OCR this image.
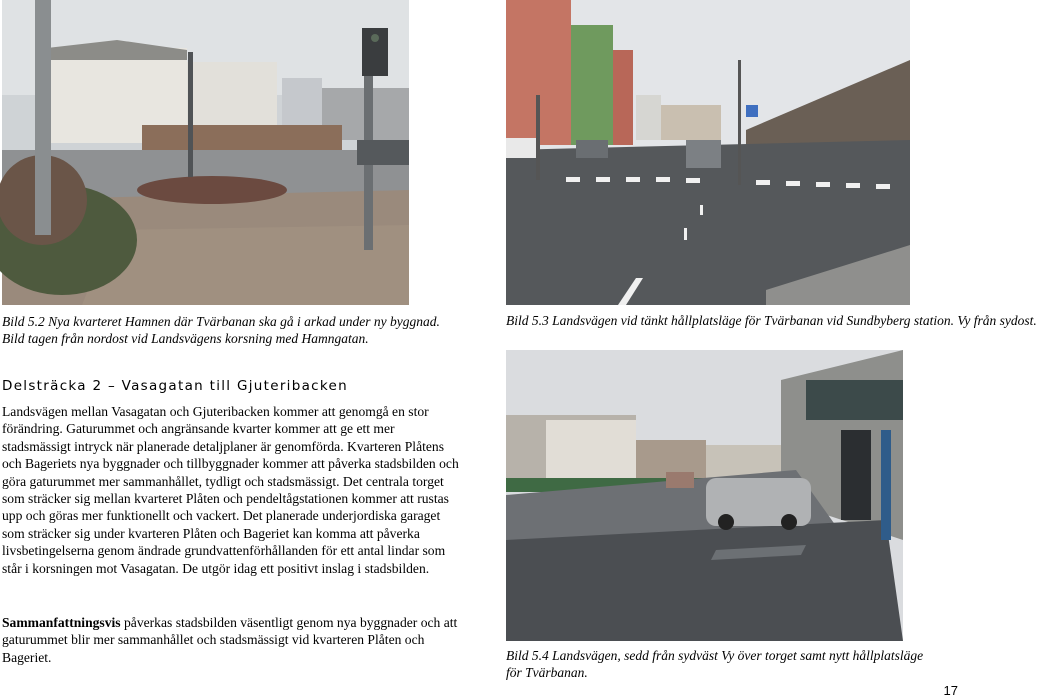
Bild 5.2 Nya kvarteret Hamnen där Tvärbanan ska gå i arkad under ny byggnad. Bild tagen från nordost vid Landsvägens korsning med Hamngatan.
Bild 5.3 Landsvägen vid tänkt hållplatsläge för Tvärbanan vid Sundbyberg station. Vy från sydost.
Bild 5.4 Landsvägen, sedd från sydväst Vy över torget samt nytt hållplatsläge för Tvärbanan.
Delsträcka 2 – Vasagatan till Gjuteribacken

Landsvägen mellan Vasagatan och Gjuteribacken kommer att genomgå en stor förändring. Gaturummet och angränsande kvarter kommer att ge ett mer stadsmässigt intryck när planerade detaljplaner är genomförda. Kvarteren Plåtens och Bageriets nya byggnader och tillbyggnader kommer att påverka stadsbilden och göra gaturummet mer sammanhållet, tydligt och stadsmässigt. Det centrala torget som sträcker sig mellan kvarteret Plåten och pendeltågstationen kommer att rustas upp och göras mer funktionellt och vackert. Det planerade underjordiska garaget som sträcker sig under kvarteren Plåten och Bageriet kan komma att påverka livsbetingelserna genom ändrade grundvattenförhållanden för ett antal lindar som står i korsningen mot Vasagatan. De utgör idag ett positivt inslag i stadsbilden.

Sammanfattningsvis påverkas stadsbilden väsentligt genom nya byggnader och att gaturummet blir mer sammanhållet och stadsmässigt vid kvarteren Plåten och Bageriet.
17
